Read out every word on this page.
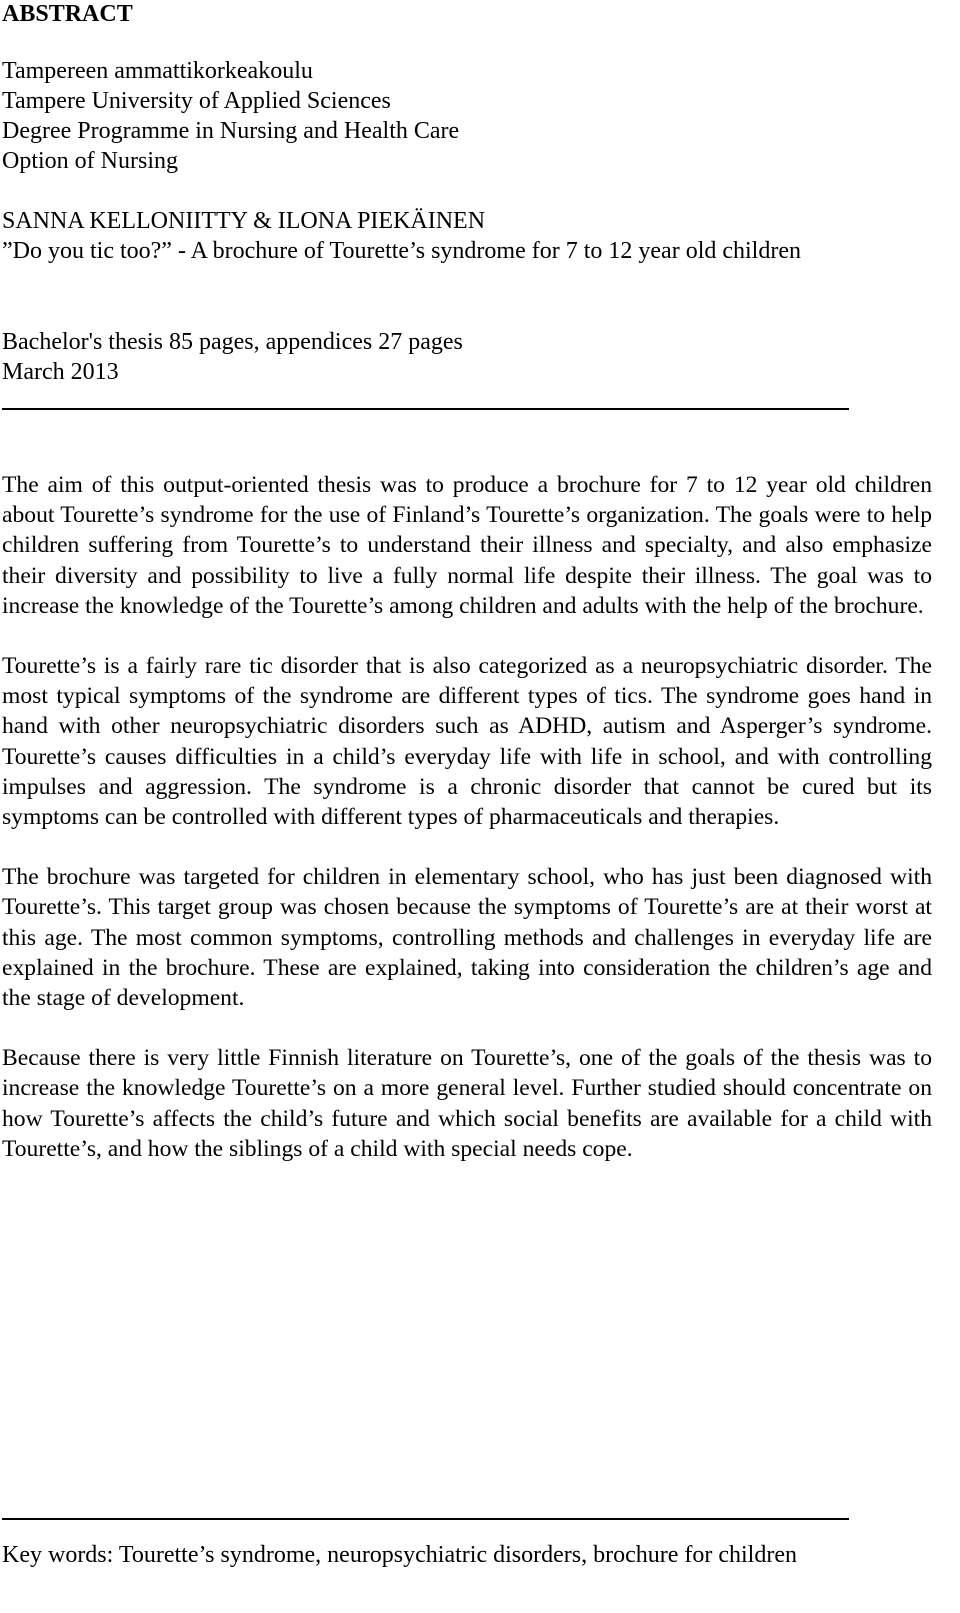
ABSTRACT
Tampereen ammattikorkeakoulu
Tampere University of Applied Sciences
Degree Programme in Nursing and Health Care
Option of Nursing
SANNA KELLONIITTY & ILONA PIEKÄINEN
”Do you tic too?” - A brochure of Tourette’s syndrome for 7 to 12 year old children
Bachelor's thesis 85 pages, appendices 27 pages
March 2013

The aim of this output-oriented thesis was to produce a brochure for 7 to 12 year old children about Tourette’s syndrome for the use of Finland’s Tourette’s organization. The goals were to help children suffering from Tourette’s to understand their illness and specialty, and also emphasize their diversity and possibility to live a fully normal life despite their illness. The goal was to increase the knowledge of the Tourette’s among children and adults with the help of the brochure.

Tourette’s is a fairly rare tic disorder that is also categorized as a neuropsychiatric disorder. The most typical symptoms of the syndrome are different types of tics. The syndrome goes hand in hand with other neuropsychiatric disorders such as ADHD, autism and Asperger’s syndrome. Tourette’s causes difficulties in a child’s everyday life with life in school, and with controlling impulses and aggression. The syndrome is a chronic disorder that cannot be cured but its symptoms can be controlled with different types of pharmaceuticals and therapies.

The brochure was targeted for children in elementary school, who has just been diagnosed with Tourette’s. This target group was chosen because the symptoms of Tourette’s are at their worst at this age. The most common symptoms, controlling methods and challenges in everyday life are explained in the brochure. These are explained, taking into consideration the children’s age and the stage of development.

Because there is very little Finnish literature on Tourette’s, one of the goals of the thesis was to increase the knowledge Tourette’s on a more general level. Further studied should concentrate on how Tourette’s affects the child’s future and which social benefits are available for a child with Tourette’s, and how the siblings of a child with special needs cope.

Key words: Tourette’s syndrome, neuropsychiatric disorders, brochure for children
